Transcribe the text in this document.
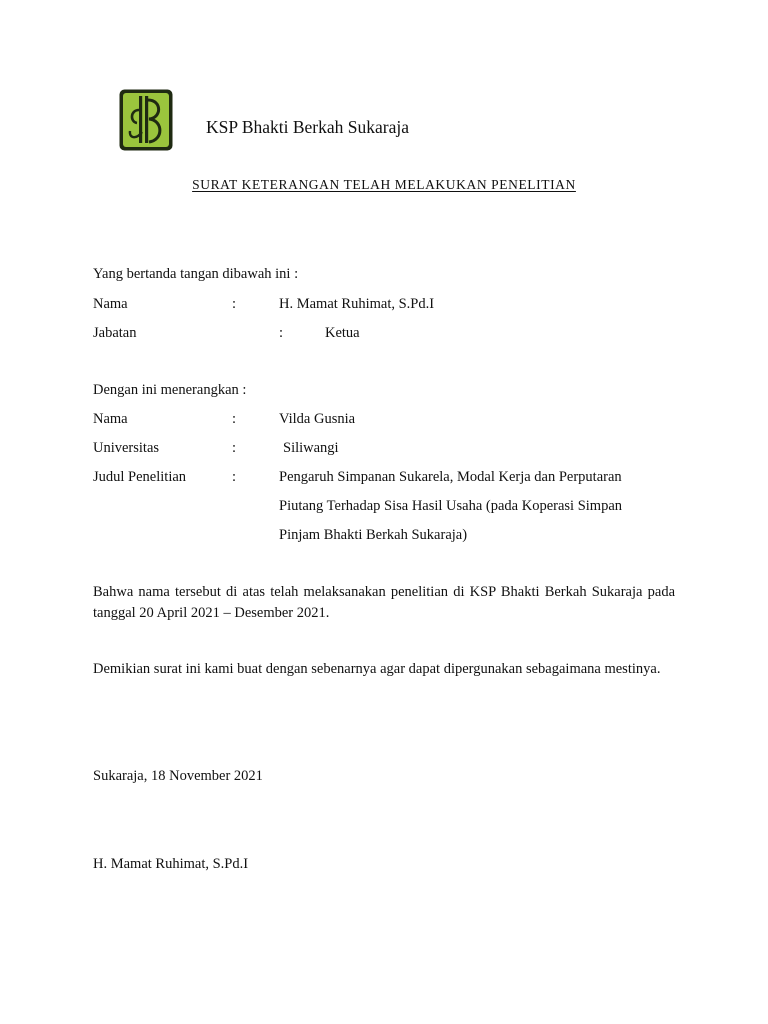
KSP Bhakti Berkah Sukaraja
SURAT KETERANGAN TELAH MELAKUKAN PENELITIAN
Yang bertanda tangan dibawah ini :
Nama	:	H. Mamat Ruhimat, S.Pd.I
Jabatan	:	Ketua
Dengan ini menerangkan :
Nama	:	Vilda Gusnia
Universitas	:	Siliwangi
Judul Penelitian	:	Pengaruh Simpanan Sukarela, Modal Kerja dan Perputaran
Piutang Terhadap Sisa Hasil Usaha (pada Koperasi Simpan
Pinjam Bhakti Berkah Sukaraja)
Bahwa nama tersebut di atas telah melaksanakan penelitian di KSP Bhakti Berkah Sukaraja pada tanggal 20 April 2021 – Desember 2021.
Demikian surat ini kami buat dengan sebenarnya agar dapat dipergunakan sebagaimana mestinya.
Sukaraja, 18 November 2021
H. Mamat Ruhimat, S.Pd.I
